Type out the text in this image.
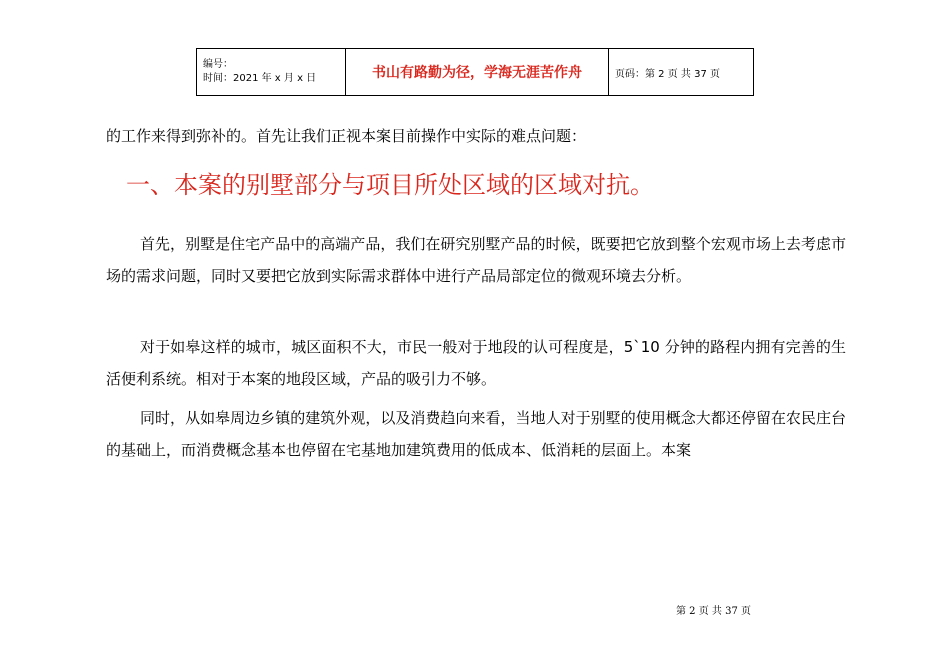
编号：
时间：2021 年 x 月 x 日	书山有路勤为径，学海无涯苦作舟	页码：第 2 页 共 37 页

的工作来得到弥补的。首先让我们正视本案目前操作中实际的难点问题：

一、本案的别墅部分与项目所处区域的区域对抗。

首先，别墅是住宅产品中的高端产品，我们在研究别墅产品的时候，既要把它放到整个宏观市场上去考虑市场的需求问题，同时又要把它放到实际需求群体中进行产品局部定位的微观环境去分析。

对于如皋这样的城市，城区面积不大，市民一般对于地段的认可程度是，5`10 分钟的路程内拥有完善的生活便利系统。相对于本案的地段区域，产品的吸引力不够。

同时，从如皋周边乡镇的建筑外观，以及消费趋向来看，当地人对于别墅的使用概念大都还停留在农民庄台的基础上，而消费概念基本也停留在宅基地加建筑费用的低成本、低消耗的层面上。本案

第 2 页 共 37 页
